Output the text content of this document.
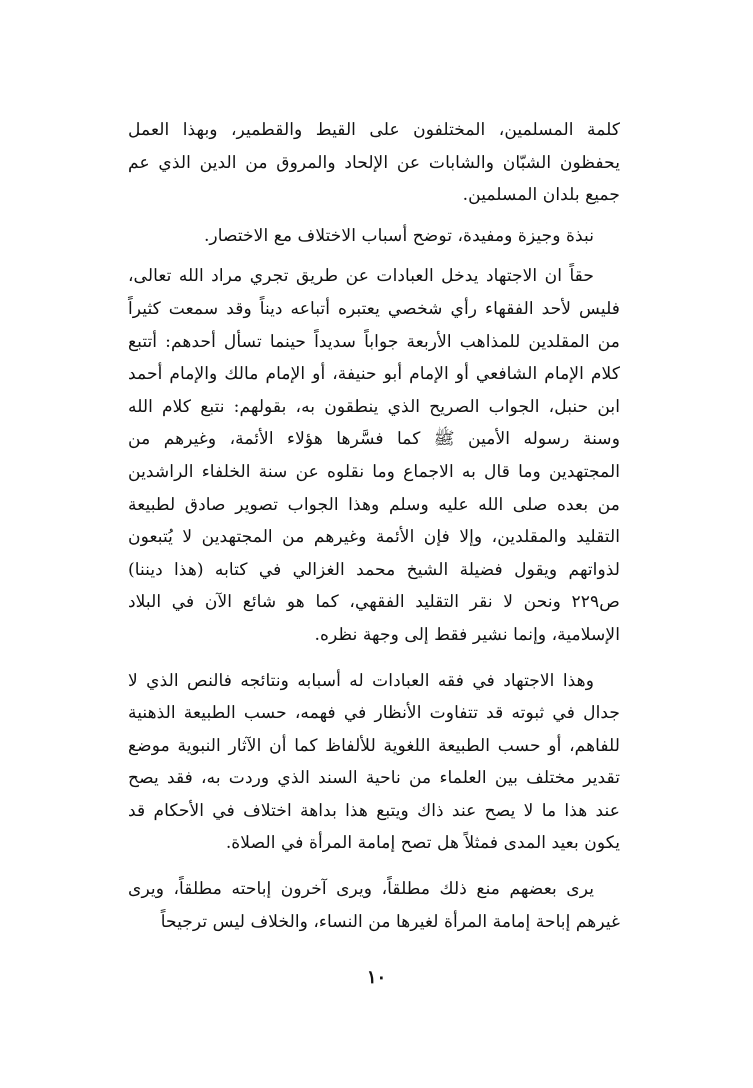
كلمة المسلمين، المختلفون على القيط والقطمير، وبهذا العمل يحفظون الشبّان والشابات عن الإلحاد والمروق من الدين الذي عم جميع بلدان المسلمين.

نبذة وجيزة ومفيدة، توضح أسباب الاختلاف مع الاختصار.

حقاً ان الاجتهاد يدخل العبادات عن طريق تجري مراد الله تعالى، فليس لأحد الفقهاء رأي شخصي يعتبره أتباعه ديناً وقد سمعت كثيراً من المقلدين للمذاهب الأربعة جواباً سديداً حينما تسأل أحدهم: أتتبع كلام الإمام الشافعي أو الإمام أبو حنيفة، أو الإمام مالك والإمام أحمد ابن حنبل، الجواب الصريح الذي ينطقون به، بقولهم: نتبع كلام الله وسنة رسوله الأمين ﷺ كما فسَّرها هؤلاء الأئمة، وغيرهم من المجتهدين وما قال به الاجماع وما نقلوه عن سنة الخلفاء الراشدين من بعده صلى الله عليه وسلم وهذا الجواب تصوير صادق لطبيعة التقليد والمقلدين، وإلا فإن الأئمة وغيرهم من المجتهدين لا يُتبعون لذواتهم ويقول فضيلة الشيخ محمد الغزالي في كتابه (هذا ديننا) ص٢٢٩ ونحن لا نقر التقليد الفقهي، كما هو شائع الآن في البلاد الإسلامية، وإنما نشير فقط إلى وجهة نظره.

وهذا الاجتهاد في فقه العبادات له أسبابه ونتائجه فالنص الذي لا جدال في ثبوته قد تتفاوت الأنظار في فهمه، حسب الطبيعة الذهنية للفاهم، أو حسب الطبيعة اللغوية للألفاظ كما أن الآثار النبوية موضع تقدير مختلف بين العلماء من ناحية السند الذي وردت به، فقد يصح عند هذا ما لا يصح عند ذاك ويتبع هذا بداهة اختلاف في الأحكام قد يكون بعيد المدى فمثلاً هل تصح إمامة المرأة في الصلاة.

يرى بعضهم منع ذلك مطلقاً، ويرى آخرون إباحته مطلقاً، ويرى غيرهم إباحة إمامة المرأة لغيرها من النساء، والخلاف ليس ترجيحاً

١٠
